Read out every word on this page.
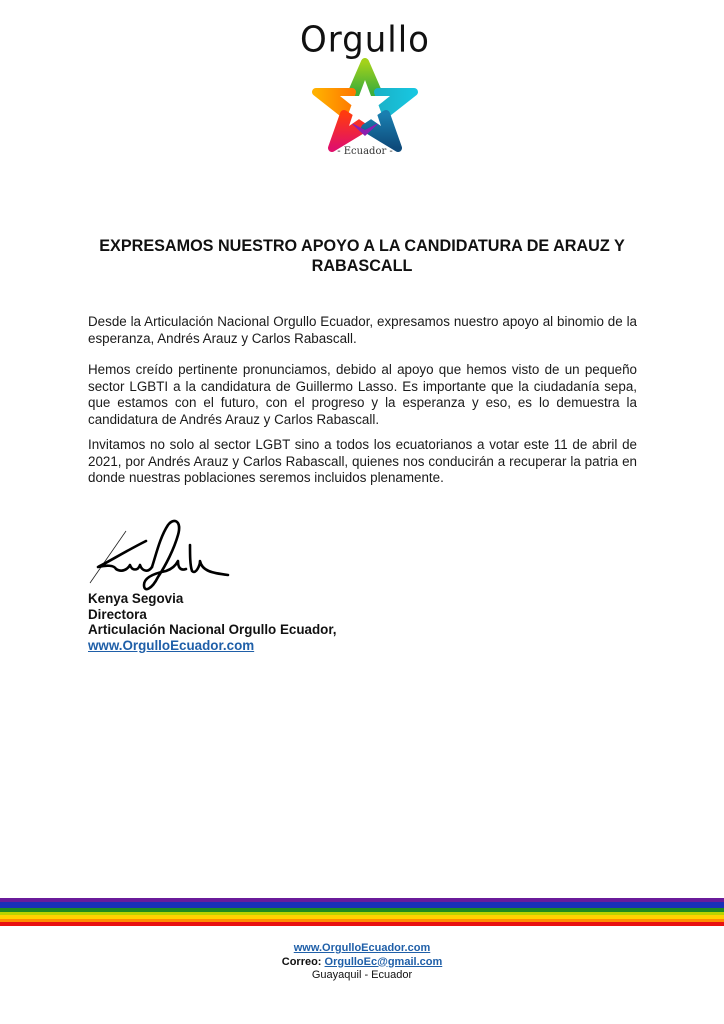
Orgullo
- Ecuador -
EXPRESAMOS NUESTRO APOYO A LA CANDIDATURA DE ARAUZ Y RABASCALL
Desde la Articulación Nacional Orgullo Ecuador, expresamos nuestro apoyo al binomio de la esperanza, Andrés Arauz y Carlos Rabascall.
Hemos creído pertinente pronunciamos, debido al apoyo que hemos visto de un pequeño sector LGBTI a la candidatura de Guillermo Lasso. Es importante que la ciudadanía sepa, que estamos con el futuro, con el progreso y la esperanza y eso, es lo demuestra la candidatura de Andrés Arauz y Carlos Rabascall.
Invitamos no solo al sector LGBT sino a todos los ecuatorianos a votar este 11 de abril de 2021, por Andrés Arauz y Carlos Rabascall, quienes nos conducirán a recuperar la patria en donde nuestras poblaciones seremos incluidos plenamente.
Kenya Segovia
Directora
Articulación Nacional Orgullo Ecuador,
www.OrgulloEcuador.com
www.OrgulloEcuador.com
Correo: OrgulloEc@gmail.com
Guayaquil - Ecuador
